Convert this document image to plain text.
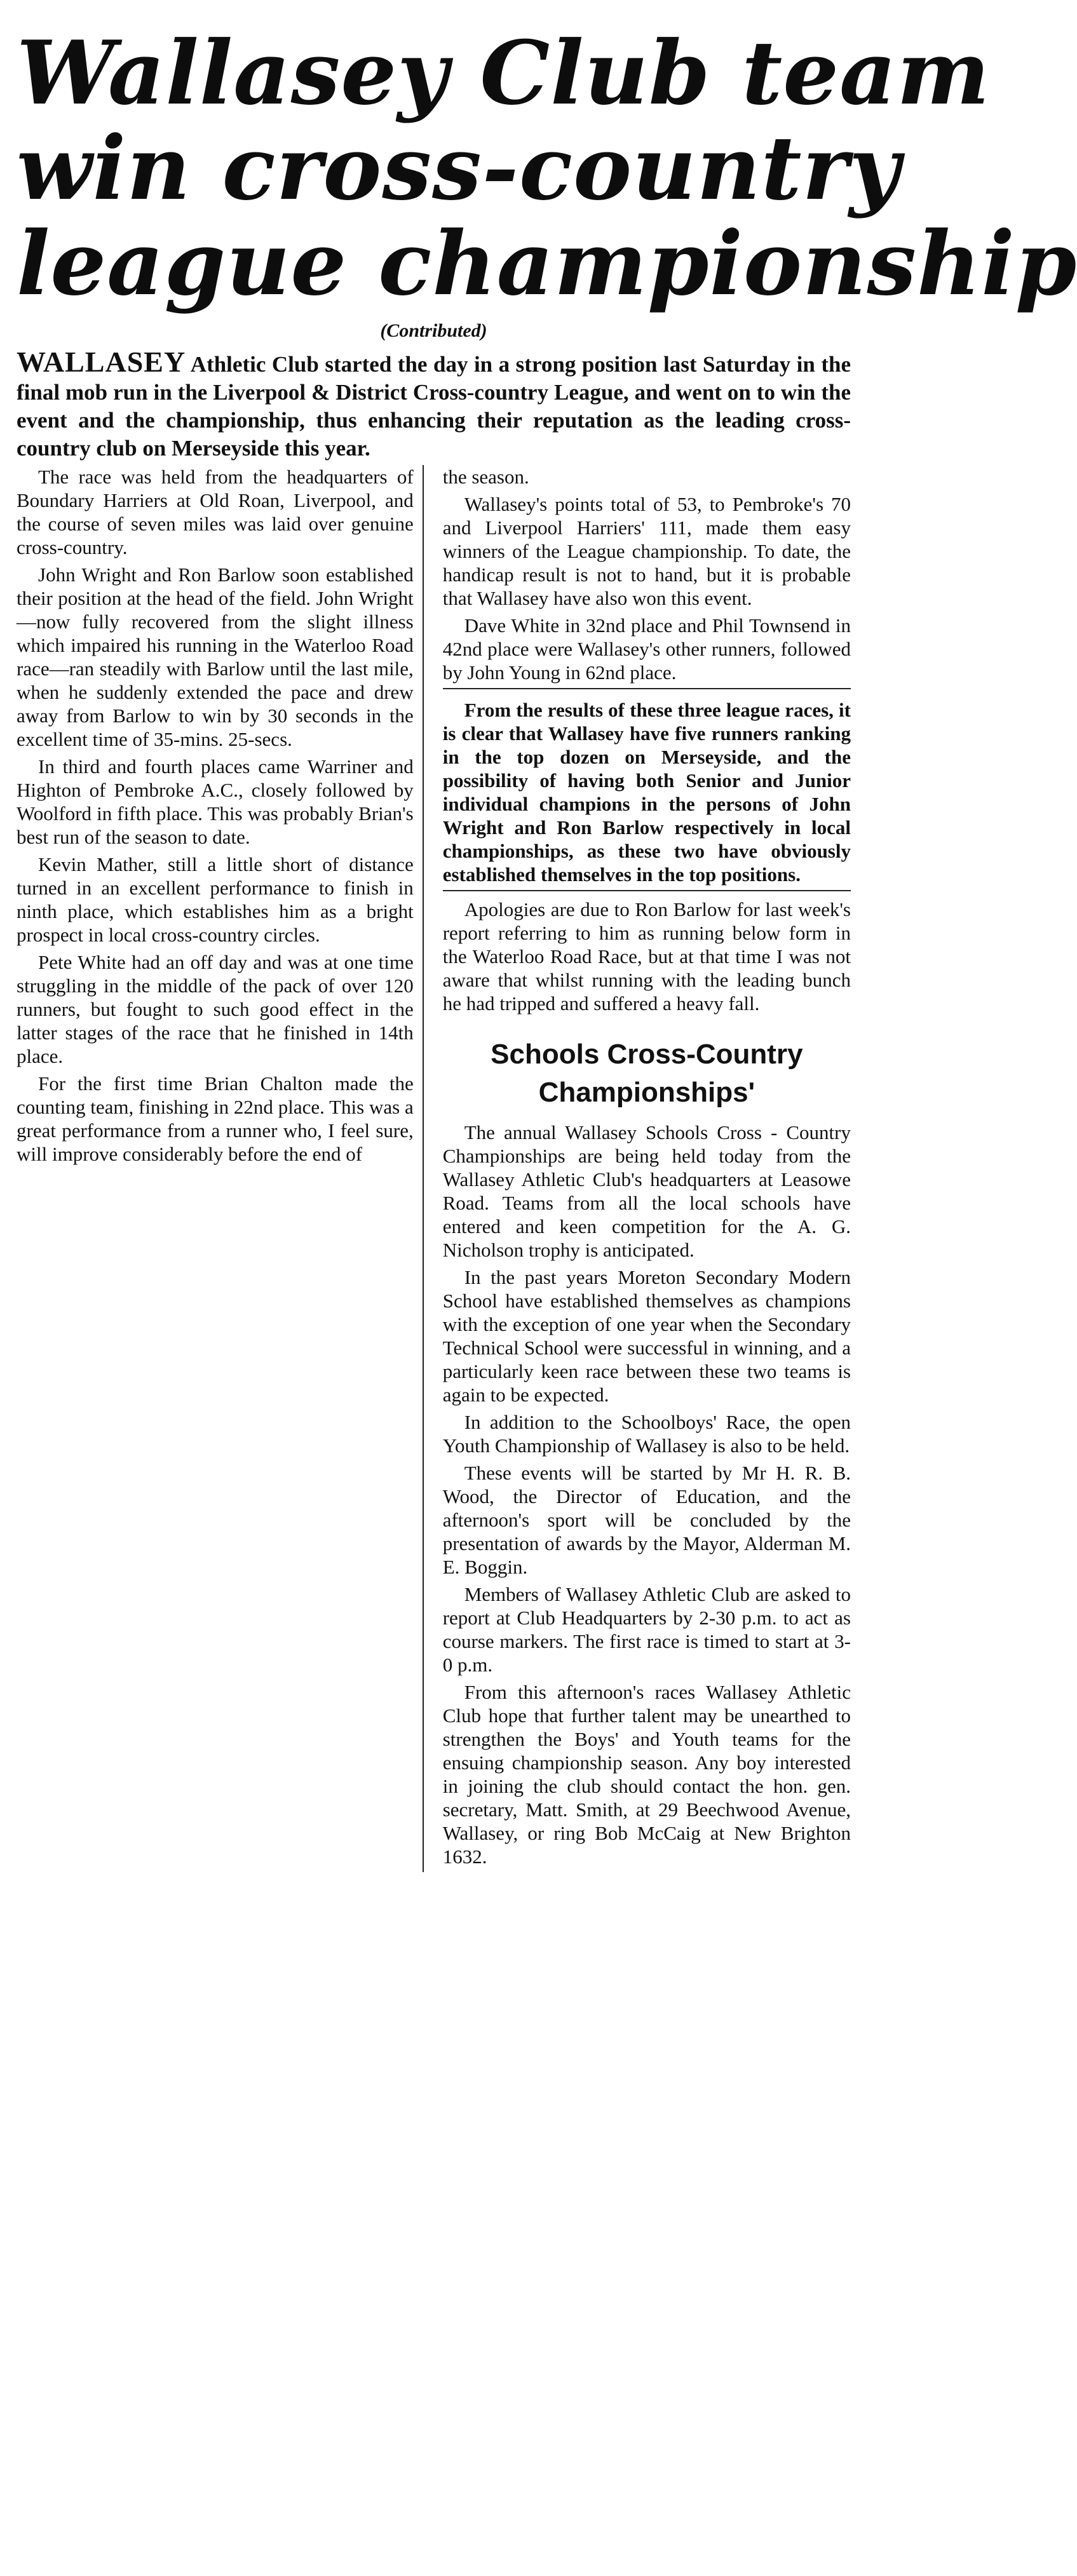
Wallasey Club team
win cross-country
league championship
(Contributed)
WALLASEY Athletic Club started the day in a strong position last Saturday in the final mob run in the Liverpool & District Cross-country League, and went on to win the event and the championship, thus enhancing their reputation as the leading cross-country club on Merseyside this year.

The race was held from the headquarters of Boundary Harriers at Old Roan, Liverpool, and the course of seven miles was laid over genuine cross-country.

John Wright and Ron Barlow soon established their position at the head of the field. John Wright—now fully recovered from the slight illness which impaired his running in the Waterloo Road race—ran steadily with Barlow until the last mile, when he suddenly extended the pace and drew away from Barlow to win by 30 seconds in the excellent time of 35-mins. 25-secs.

In third and fourth places came Warriner and Highton of Pembroke A.C., closely followed by Woolford in fifth place. This was probably Brian's best run of the season to date.

Kevin Mather, still a little short of distance turned in an excellent performance to finish in ninth place, which establishes him as a bright prospect in local cross-country circles.

Pete White had an off day and was at one time struggling in the middle of the pack of over 120 runners, but fought to such good effect in the latter stages of the race that he finished in 14th place.

For the first time Brian Chalton made the counting team, finishing in 22nd place. This was a great performance from a runner who, I feel sure, will improve considerably before the end of

the season.

Wallasey's points total of 53, to Pembroke's 70 and Liverpool Harriers' 111, made them easy winners of the League championship. To date, the handicap result is not to hand, but it is probable that Wallasey have also won this event.

Dave White in 32nd place and Phil Townsend in 42nd place were Wallasey's other runners, followed by John Young in 62nd place.

From the results of these three league races, it is clear that Wallasey have five runners ranking in the top dozen on Merseyside, and the possibility of having both Senior and Junior individual champions in the persons of John Wright and Ron Barlow respectively in local championships, as these two have obviously established themselves in the top positions.

Apologies are due to Ron Barlow for last week's report referring to him as running below form in the Waterloo Road Race, but at that time I was not aware that whilst running with the leading bunch he had tripped and suffered a heavy fall.

Schools Cross-Country Championships'

The annual Wallasey Schools Cross - Country Championships are being held today from the Wallasey Athletic Club's headquarters at Leasowe Road. Teams from all the local schools have entered and keen competition for the A. G. Nicholson trophy is anticipated.

In the past years Moreton Secondary Modern School have established themselves as champions with the exception of one year when the Secondary Technical School were successful in winning, and a particularly keen race between these two teams is again to be expected.

In addition to the Schoolboys' Race, the open Youth Championship of Wallasey is also to be held.

These events will be started by Mr H. R. B. Wood, the Director of Education, and the afternoon's sport will be concluded by the presentation of awards by the Mayor, Alderman M. E. Boggin.

Members of Wallasey Athletic Club are asked to report at Club Headquarters by 2-30 p.m. to act as course markers. The first race is timed to start at 3-0 p.m.

From this afternoon's races Wallasey Athletic Club hope that further talent may be unearthed to strengthen the Boys' and Youth teams for the ensuing championship season. Any boy interested in joining the club should contact the hon. gen. secretary, Matt. Smith, at 29 Beechwood Avenue, Wallasey, or ring Bob McCaig at New Brighton 1632.
